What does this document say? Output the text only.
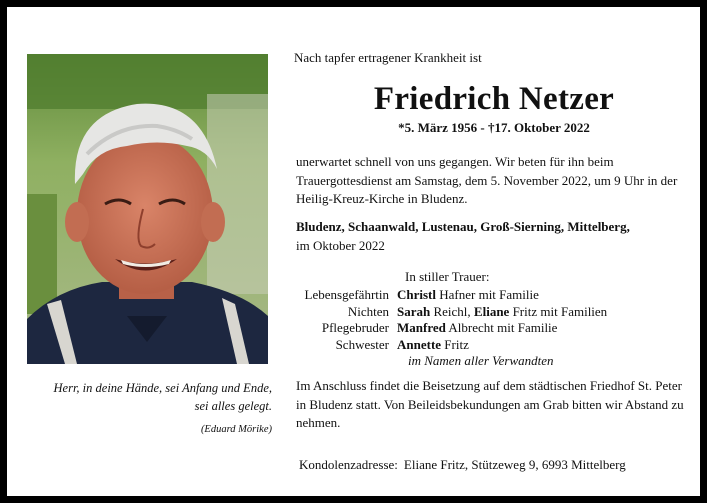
Nach tapfer ertragener Krankheit ist
Friedrich Netzer
*5. März 1956 - †17. Oktober 2022
unerwartet schnell von uns gegangen. Wir beten für ihn beim Trauergottesdienst am Samstag, dem 5. November 2022, um 9 Uhr in der Heilig-Kreuz-Kirche in Bludenz.
Bludenz, Schaanwald, Lustenau, Groß-Sierning, Mittelberg,
im Oktober 2022
In stiller Trauer:
Lebensgefährtin Christl Hafner mit Familie
Nichten Sarah Reichl, Eliane Fritz mit Familien
Pflegebruder Manfred Albrecht mit Familie
Schwester Annette Fritz
im Namen aller Verwandten
Im Anschluss findet die Beisetzung auf dem städtischen Friedhof St. Peter in Bludenz statt. Von Beileidsbekundungen am Grab bitten wir Abstand zu nehmen.
Kondolenzadresse: Eliane Fritz, Stützeweg 9, 6993 Mittelberg
Herr, in deine Hände, sei Anfang und Ende,
sei alles gelegt.
(Eduard Mörike)
